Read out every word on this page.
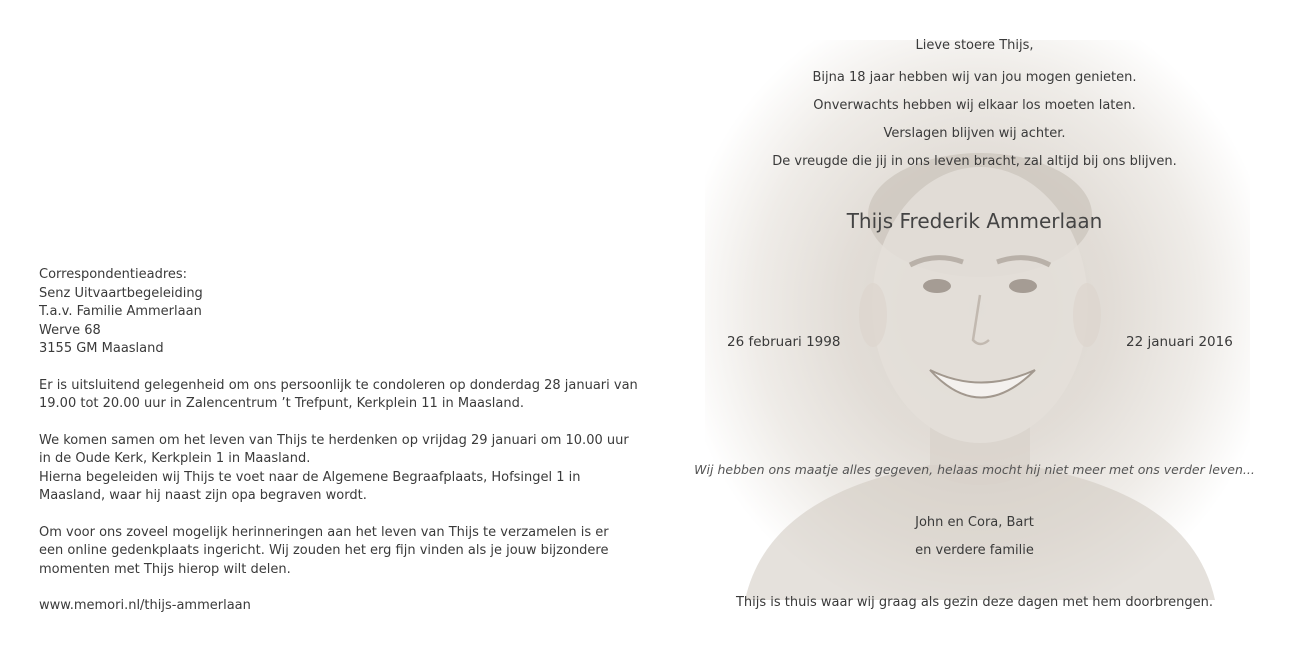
Correspondentieadres:
Senz Uitvaartbegeleiding
T.a.v. Familie Ammerlaan
Werve 68
3155 GM Maasland
Er is uitsluitend gelegenheid om ons persoonlijk te condoleren op donderdag 28 januari van
19.00 tot 20.00 uur in Zalencentrum ’t Trefpunt, Kerkplein 11 in Maasland.
We komen samen om het leven van Thijs te herdenken op vrijdag 29 januari om 10.00 uur
in de Oude Kerk, Kerkplein 1 in Maasland.
Hierna begeleiden wij Thijs te voet naar de Algemene Begraafplaats, Hofsingel 1 in
Maasland, waar hij naast zijn opa begraven wordt.
Om voor ons zoveel mogelijk herinneringen aan het leven van Thijs te verzamelen is er
een online gedenkplaats ingericht. Wij zouden het erg fijn vinden als je jouw bijzondere
momenten met Thijs hierop wilt delen.
www.memori.nl/thijs-ammerlaan
Lieve stoere Thijs,
Bijna 18 jaar hebben wij van jou mogen genieten.
Onverwachts hebben wij elkaar los moeten laten.
Verslagen blijven wij achter.
De vreugde die jij in ons leven bracht, zal altijd bij ons blijven.
Thijs Frederik Ammerlaan
26 februari 1998	22 januari 2016
Wij hebben ons maatje alles gegeven, helaas mocht hij niet meer met ons verder leven...
John en Cora, Bart
en verdere familie
Thijs is thuis waar wij graag als gezin deze dagen met hem doorbrengen.
